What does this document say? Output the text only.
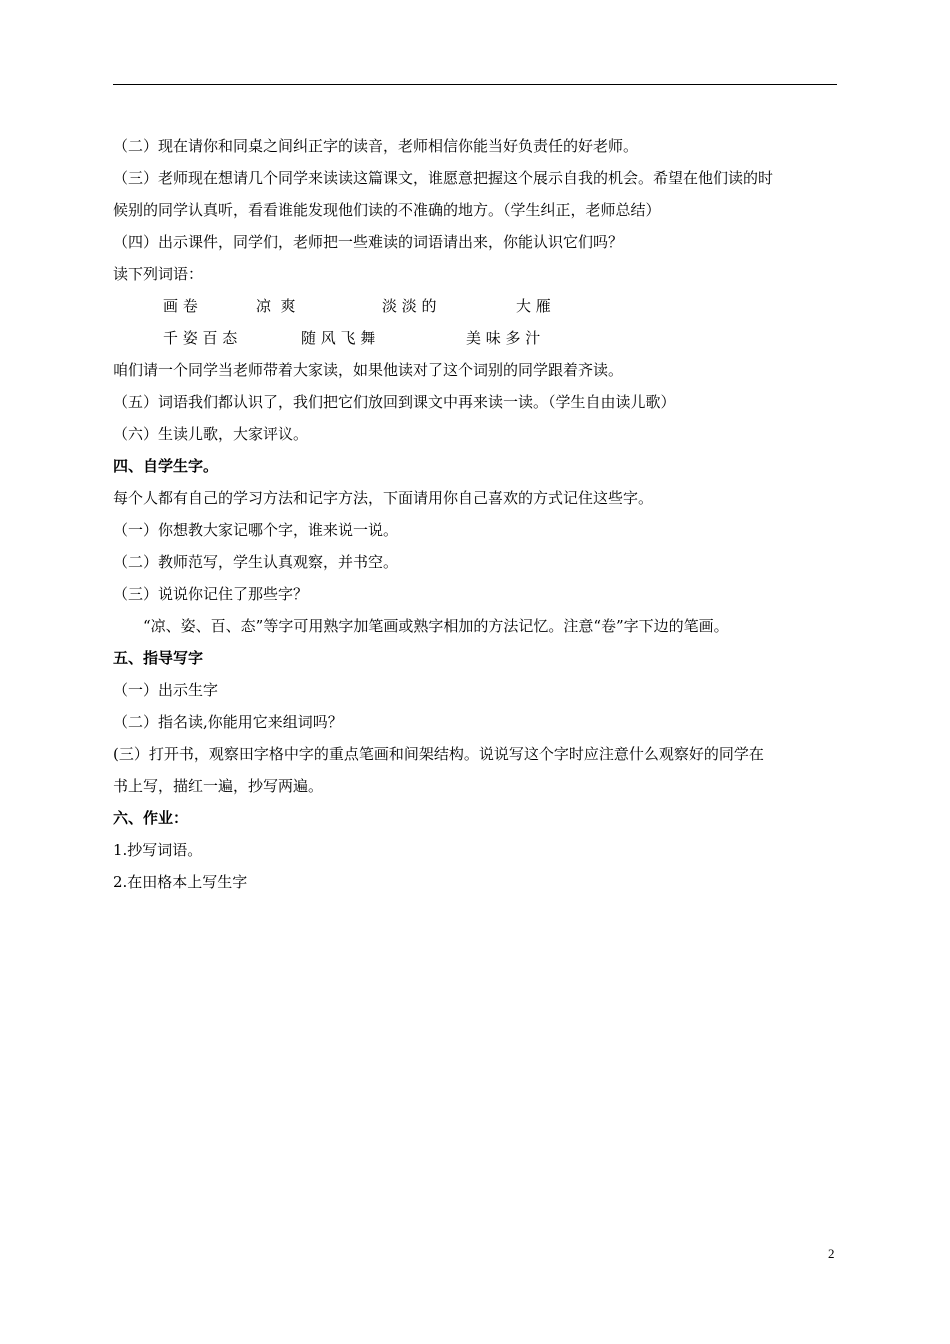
（二）现在请你和同桌之间纠正字的读音，老师相信你能当好负责任的好老师。
（三）老师现在想请几个同学来读读这篇课文，谁愿意把握这个展示自我的机会。希望在他们读的时
候别的同学认真听，看看谁能发现他们读的不准确的地方。（学生纠正，老师总结）
（四）出示课件，同学们，老师把一些难读的词语请出来，你能认识它们吗？
读下列词语：
画 卷	凉  爽	淡 淡 的	大 雁
千 姿 百 态	随 风 飞 舞	美 味 多 汁
咱们请一个同学当老师带着大家读，如果他读对了这个词别的同学跟着齐读。
（五）词语我们都认识了，我们把它们放回到课文中再来读一读。（学生自由读儿歌）
（六）生读儿歌，大家评议。
四、自学生字。
每个人都有自己的学习方法和记字方法，下面请用你自己喜欢的方式记住这些字。
（一）你想教大家记哪个字，谁来说一说。
（二）教师范写，学生认真观察，并书空。
（三）说说你记住了那些字？
“凉、姿、百、态”等字可用熟字加笔画或熟字相加的方法记忆。注意“卷”字下边的笔画。
五、指导写字
（一）出示生字
（二）指名读,你能用它来组词吗？
(三）打开书，观察田字格中字的重点笔画和间架结构。说说写这个字时应注意什么观察好的同学在
书上写，描红一遍，抄写两遍。
六、作业：
1.抄写词语。
2.在田格本上写生字
2
